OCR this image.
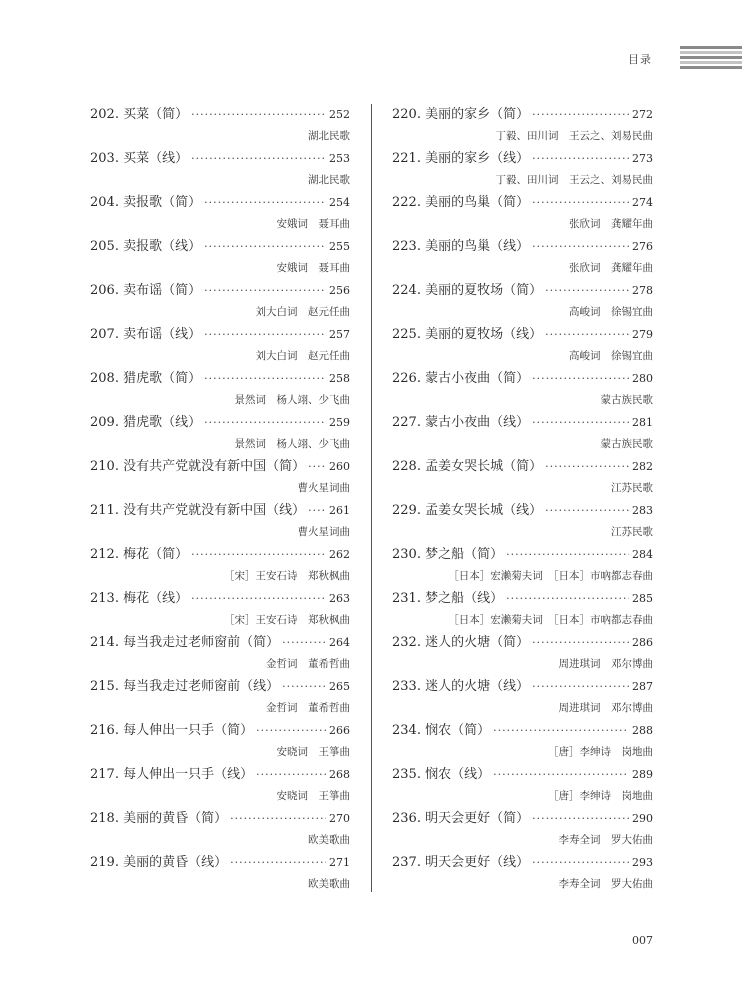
目录
202. 买菜（简） ·····	252
湖北民歌
203. 买菜（线） ·····	253
湖北民歌
204. 卖报歌（简） ·····	254
安娥词　聂耳曲
205. 卖报歌（线） ·····	255
安娥词　聂耳曲
206. 卖布谣（简） ·····	256
刘大白词　赵元任曲
207. 卖布谣（线） ·····	257
刘大白词　赵元任曲
208. 猎虎歌（简） ·····	258
景然词　杨人翊、少飞曲
209. 猎虎歌（线） ·····	259
景然词　杨人翊、少飞曲
210. 没有共产党就没有新中国（简） ····· 260
曹火星词曲
211. 没有共产党就没有新中国（线） ····· 261
曹火星词曲
212. 梅花（简） ·····	262
［宋］王安石诗　郑秋枫曲
213. 梅花（线） ·····	263
［宋］王安石诗　郑秋枫曲
214. 每当我走过老师窗前（简） ·····	264
金哲词　董希哲曲
215. 每当我走过老师窗前（线） ·····	265
金哲词　董希哲曲
216. 每人伸出一只手（简） ·····	266
安晓词　王箏曲
217. 每人伸出一只手（线） ·····	268
安晓词　王箏曲
218. 美丽的黄昏（简） ·····	270
欧美歌曲
219. 美丽的黄昏（线） ·····	271
欧美歌曲
220. 美丽的家乡（简） ·····	272
丁毅、田川词　王云之、刘易民曲
221. 美丽的家乡（线） ·····	273
丁毅、田川词　王云之、刘易民曲
222. 美丽的鸟巢（简） ·····	274
张欣词　龚耀年曲
223. 美丽的鸟巢（线） ·····	276
张欣词　龚耀年曲
224. 美丽的夏牧场（简） ·····	278
高峻词　徐锡宜曲
225. 美丽的夏牧场（线） ·····	279
高峻词　徐锡宜曲
226. 蒙古小夜曲（简） ·····	280
蒙古族民歌
227. 蒙古小夜曲（线） ·····	281
蒙古族民歌
228. 孟姜女哭长城（简） ·····	282
江苏民歌
229. 孟姜女哭长城（线） ·····	283
江苏民歌
230. 梦之船（简） ·····	284
［日本］宏濑菊夫词　［日本］市吶都志春曲
231. 梦之船（线） ·····	285
［日本］宏濑菊夫词　［日本］市吶都志春曲
232. 迷人的火塘（简） ·····	286
周进琪词　邓尔博曲
233. 迷人的火塘（线） ·····	287
周进琪词　邓尔博曲
234. 悯农（简） ·····	288
［唐］李绅诗　岗地曲
235. 悯农（线） ·····	289
［唐］李绅诗　岗地曲
236. 明天会更好（简） ·····	290
李寿全词　罗大佑曲
237. 明天会更好（线） ·····	293
李寿全词　罗大佑曲
007
